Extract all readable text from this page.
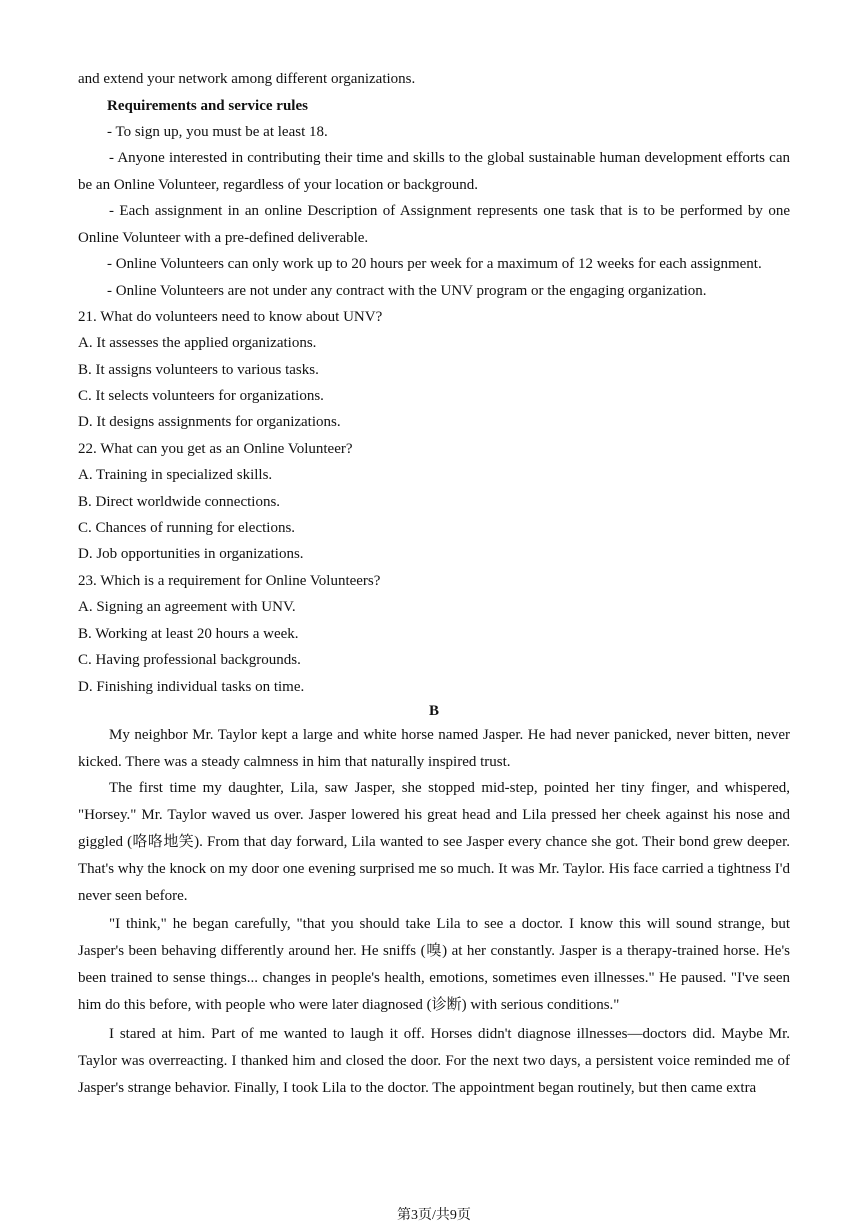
and extend your network among different organizations.
Requirements and service rules
- To sign up, you must be at least 18.

- Anyone interested in contributing their time and skills to the global sustainable human development efforts can be an Online Volunteer, regardless of your location or background.

- Each assignment in an online Description of Assignment represents one task that is to be performed by one Online Volunteer with a pre-defined deliverable.

- Online Volunteers can only work up to 20 hours per week for a maximum of 12 weeks for each assignment.
- Online Volunteers are not under any contract with the UNV program or the engaging organization.
21. What do volunteers need to know about UNV?
A. It assesses the applied organizations.
B. It assigns volunteers to various tasks.
C. It selects volunteers for organizations.
D. It designs assignments for organizations.
22. What can you get as an Online Volunteer?
A. Training in specialized skills.
B. Direct worldwide connections.
C. Chances of running for elections.
D. Job opportunities in organizations.
23. Which is a requirement for Online Volunteers?
A. Signing an agreement with UNV.
B. Working at least 20 hours a week.
C. Having professional backgrounds.
D. Finishing individual tasks on time.
B

My neighbor Mr. Taylor kept a large and white horse named Jasper. He had never panicked, never bitten, never kicked. There was a steady calmness in him that naturally inspired trust.

The first time my daughter, Lila, saw Jasper, she stopped mid-step, pointed her tiny finger, and whispered, "Horsey." Mr. Taylor waved us over. Jasper lowered his great head and Lila pressed her cheek against his nose and giggled (咯咯地笑). From that day forward, Lila wanted to see Jasper every chance she got. Their bond grew deeper. That's why the knock on my door one evening surprised me so much. It was Mr. Taylor. His face carried a tightness I'd never seen before.

"I think," he began carefully, "that you should take Lila to see a doctor. I know this will sound strange, but Jasper's been behaving differently around her. He sniffs (嗅) at her constantly. Jasper is a therapy-trained horse. He's been trained to sense things... changes in people's health, emotions, sometimes even illnesses." He paused. "I've seen him do this before, with people who were later diagnosed (诊断) with serious conditions."

I stared at him. Part of me wanted to laugh it off. Horses didn't diagnose illnesses—doctors did. Maybe Mr. Taylor was overreacting. I thanked him and closed the door. For the next two days, a persistent voice reminded me of Jasper's strange behavior. Finally, I took Lila to the doctor. The appointment began routinely, but then came extra

第3页/共9页
